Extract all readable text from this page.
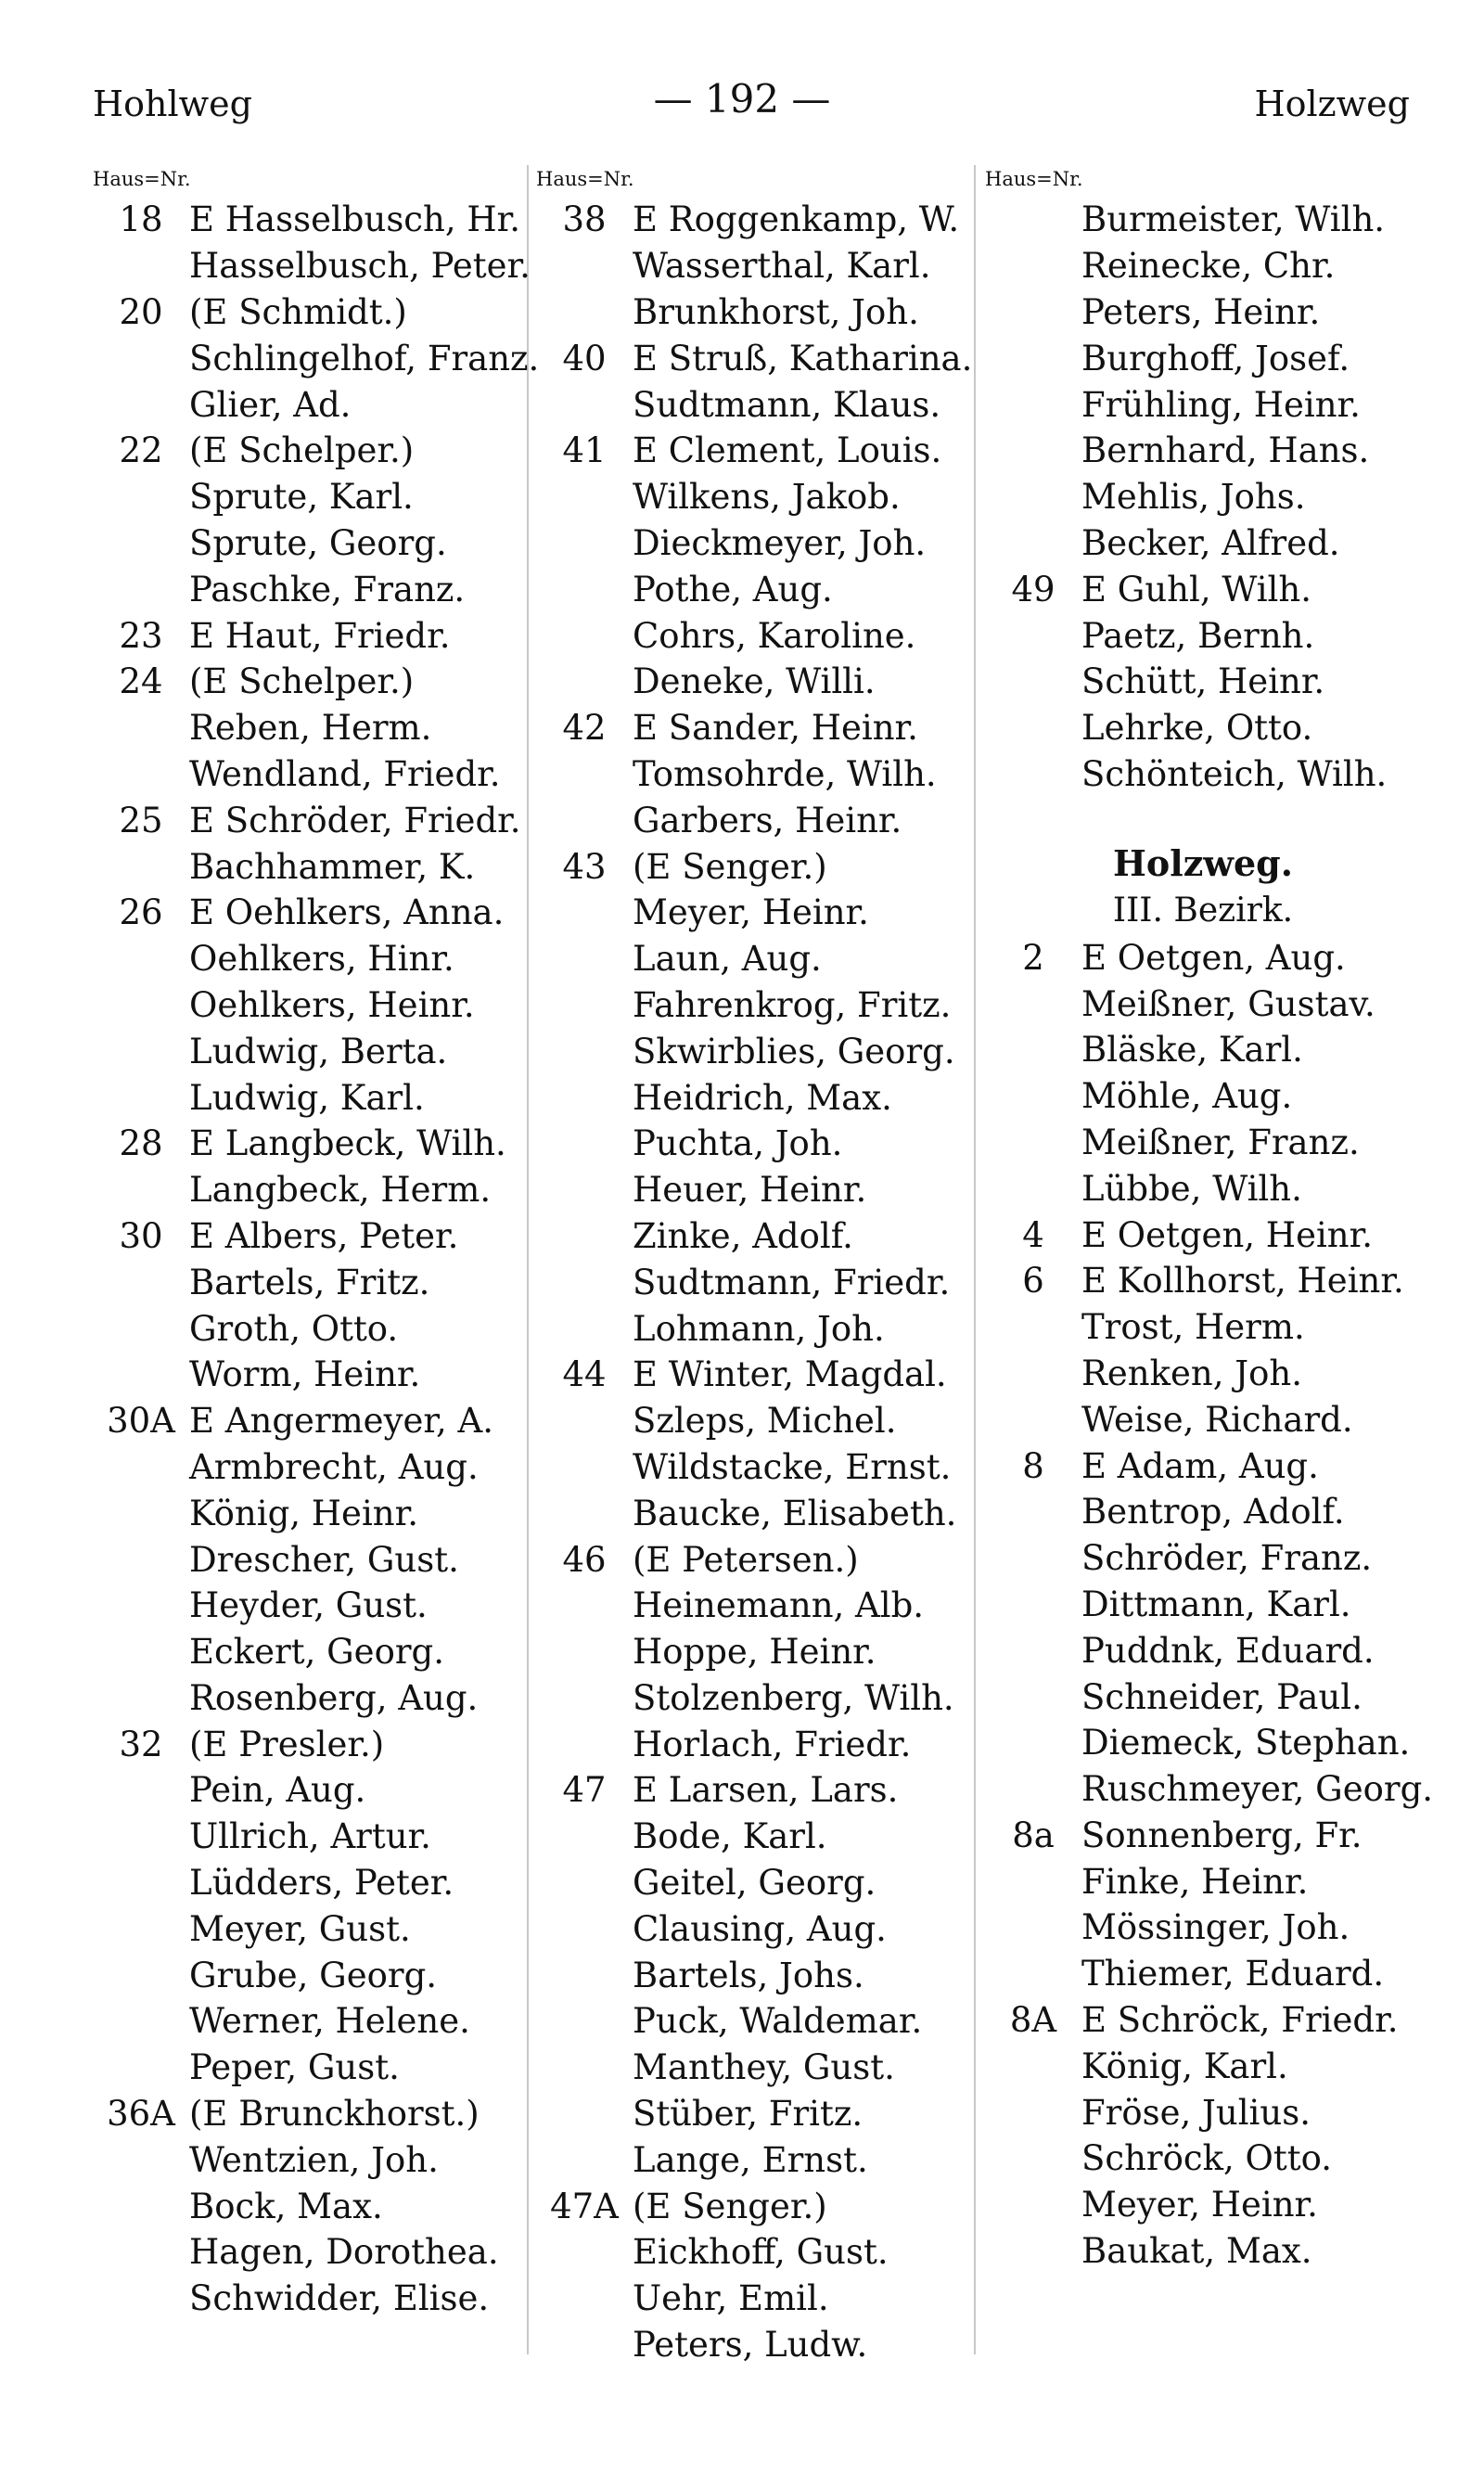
Hohlweg	— 192 —	Holzweg
Haus=Nr.
18 E Hasselbusch, Hr.
Hasselbusch, Peter.
20 (E Schmidt.)
Schlingelhof, Franz.
Glier, Ad.
22 (E Schelper.)
Sprute, Karl.
Sprute, Georg.
Paschke, Franz.
23 E Haut, Friedr.
24 (E Schelper.)
Reben, Herm.
Wendland, Friedr.
25 E Schröder, Friedr.
Bachhammer, K.
26 E Oehlkers, Anna.
Oehlkers, Hinr.
Oehlkers, Heinr.
Ludwig, Berta.
Ludwig, Karl.
28 E Langbeck, Wilh.
Langbeck, Herm.
30 E Albers, Peter.
Bartels, Fritz.
Groth, Otto.
Worm, Heinr.
30A E Angermeyer, A.
Armbrecht, Aug.
König, Heinr.
Drescher, Gust.
Heyder, Gust.
Eckert, Georg.
Rosenberg, Aug.
32 (E Presler.)
Pein, Aug.
Ullrich, Artur.
Lüdders, Peter.
Meyer, Gust.
Grube, Georg.
Werner, Helene.
Peper, Gust.
36A (E Brunckhorst.)
Wentzien, Joh.
Bock, Max.
Hagen, Dorothea.
Schwidder, Elise.
Haus=Nr.
38 E Roggenkamp, W.
Wasserthal, Karl.
Brunkhorst, Joh.
40 E Struß, Katharina.
Sudtmann, Klaus.
41 E Clement, Louis.
Wilkens, Jakob.
Dieckmeyer, Joh.
Pothe, Aug.
Cohrs, Karoline.
Deneke, Willi.
42 E Sander, Heinr.
Tomsohrde, Wilh.
Garbers, Heinr.
43 (E Senger.)
Meyer, Heinr.
Laun, Aug.
Fahrenkrog, Fritz.
Skwirblies, Georg.
Heidrich, Max.
Puchta, Joh.
Heuer, Heinr.
Zinke, Adolf.
Sudtmann, Friedr.
Lohmann, Joh.
44 E Winter, Magdal.
Szleps, Michel.
Wildstacke, Ernst.
Baucke, Elisabeth.
46 (E Petersen.)
Heinemann, Alb.
Hoppe, Heinr.
Stolzenberg, Wilh.
Horlach, Friedr.
47 E Larsen, Lars.
Bode, Karl.
Geitel, Georg.
Clausing, Aug.
Bartels, Johs.
Puck, Waldemar.
Manthey, Gust.
Stüber, Fritz.
Lange, Ernst.
47A (E Senger.)
Eickhoff, Gust.
Uehr, Emil.
Peters, Ludw.
Haus=Nr.
Burmeister, Wilh.
Reinecke, Chr.
Peters, Heinr.
Burghoff, Josef.
Frühling, Heinr.
Bernhard, Hans.
Mehlis, Johs.
Becker, Alfred.
49 E Guhl, Wilh.
Paetz, Bernh.
Schütt, Heinr.
Lehrke, Otto.
Schönteich, Wilh.
Holzweg.
III. Bezirk.
2	E Oetgen, Aug.
Meißner, Gustav.
Bläske, Karl.
Möhle, Aug.
Meißner, Franz.
Lübbe, Wilh.
4	E Oetgen, Heinr.
6	E Kollhorst, Heinr.
Trost, Herm.
Renken, Joh.
Weise, Richard.
8	E Adam, Aug.
Bentrop, Adolf.
Schröder, Franz.
Dittmann, Karl.
Puddnk, Eduard.
Schneider, Paul.
Diemeck, Stephan.
Ruschmeyer, Georg.
8a Sonnenberg, Fr.
Finke, Heinr.
Mössinger, Joh.
Thiemer, Eduard.
8A E Schröck, Friedr.
König, Karl.
Fröse, Julius.
Schröck, Otto.
Meyer, Heinr.
Baukat, Max.
